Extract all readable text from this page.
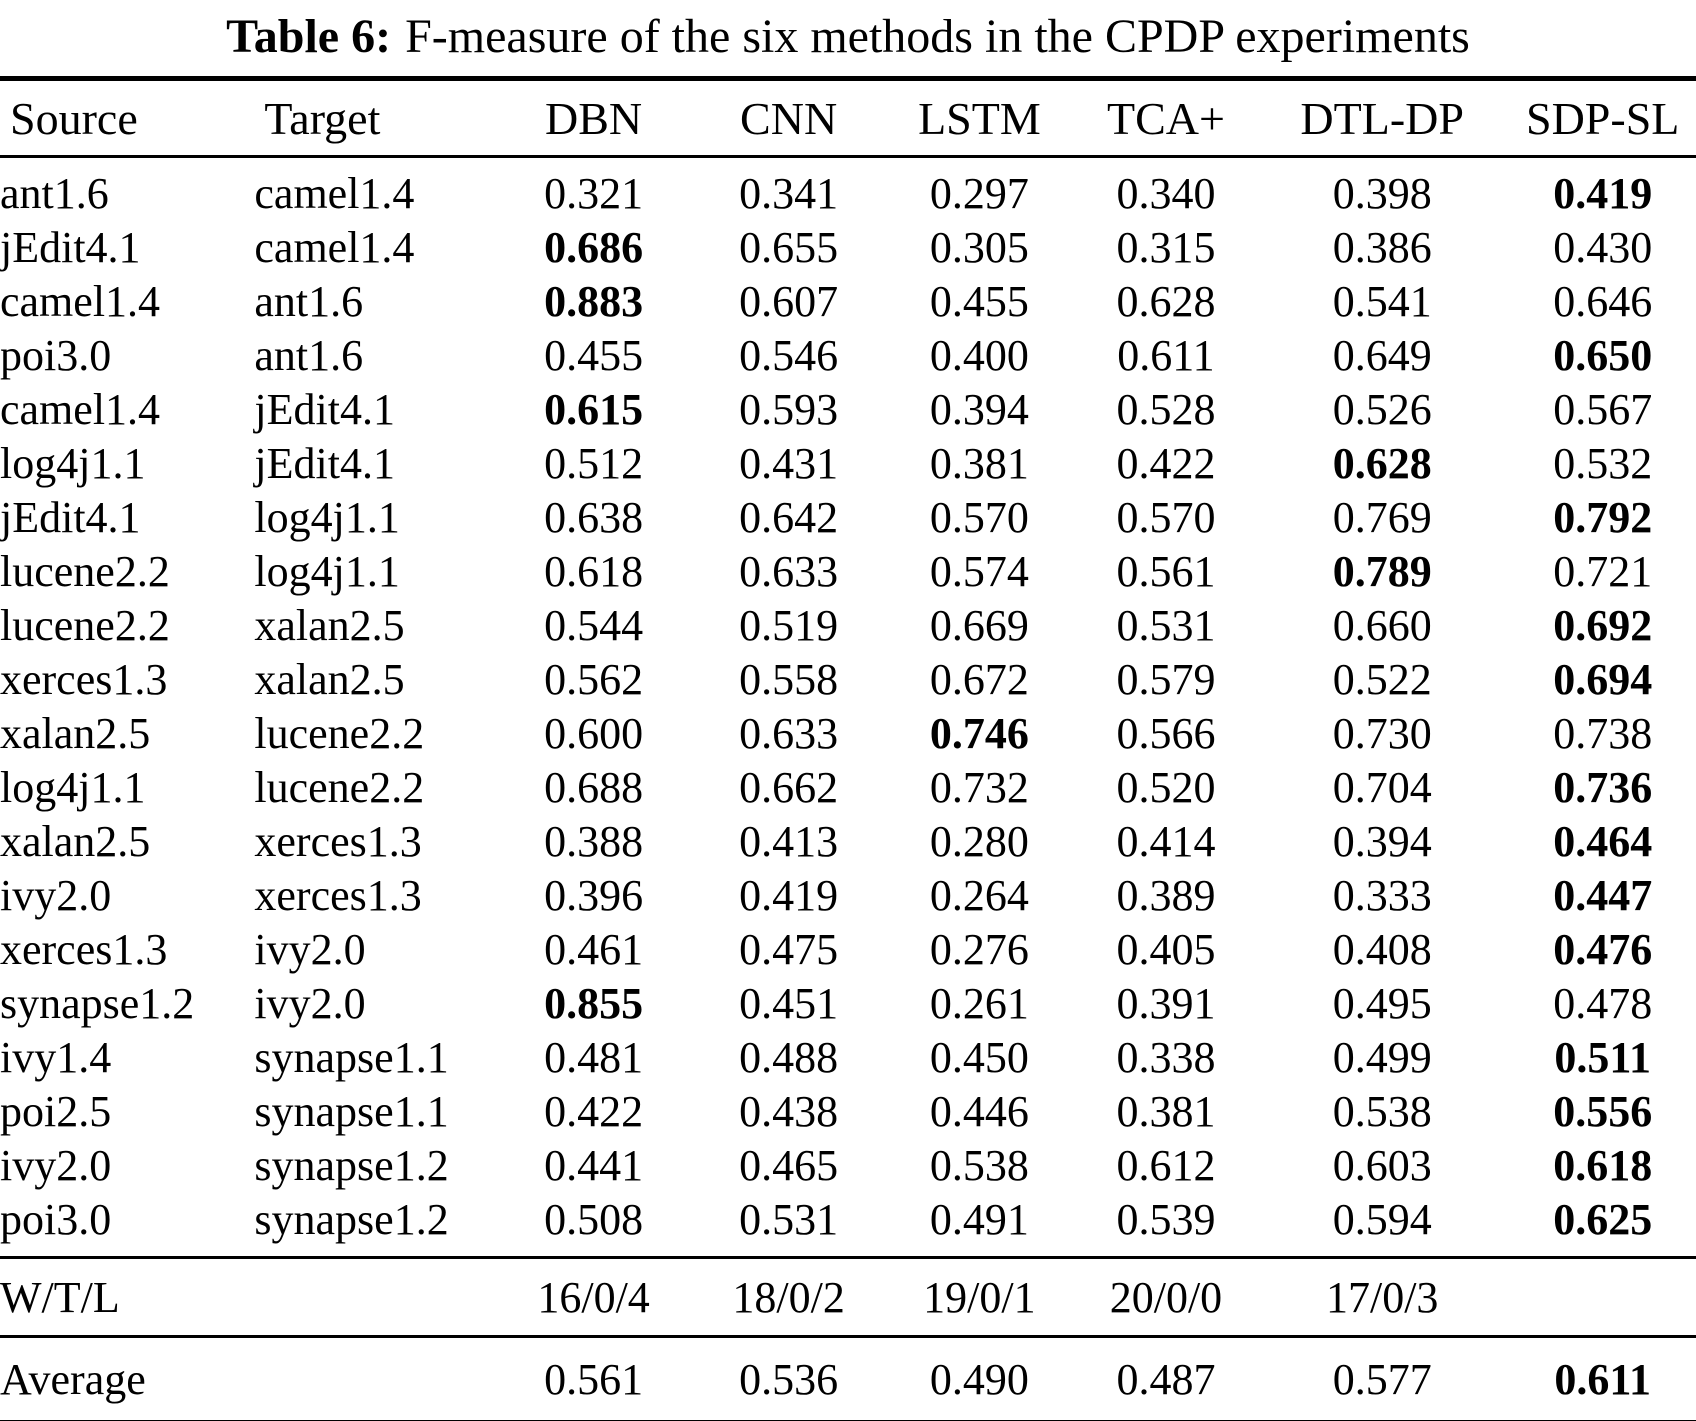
Table 6: F-measure of the six methods in the CPDP experiments
Source	Target	DBN	CNN	LSTM	TCA+	DTL-DP	SDP-SL
ant1.6	camel1.4	0.321	0.341	0.297	0.340	0.398	0.419
jEdit4.1	camel1.4	0.686	0.655	0.305	0.315	0.386	0.430
camel1.4	ant1.6	0.883	0.607	0.455	0.628	0.541	0.646
poi3.0	ant1.6	0.455	0.546	0.400	0.611	0.649	0.650
camel1.4	jEdit4.1	0.615	0.593	0.394	0.528	0.526	0.567
log4j1.1	jEdit4.1	0.512	0.431	0.381	0.422	0.628	0.532
jEdit4.1	log4j1.1	0.638	0.642	0.570	0.570	0.769	0.792
lucene2.2	log4j1.1	0.618	0.633	0.574	0.561	0.789	0.721
lucene2.2	xalan2.5	0.544	0.519	0.669	0.531	0.660	0.692
xerces1.3	xalan2.5	0.562	0.558	0.672	0.579	0.522	0.694
xalan2.5	lucene2.2	0.600	0.633	0.746	0.566	0.730	0.738
log4j1.1	lucene2.2	0.688	0.662	0.732	0.520	0.704	0.736
xalan2.5	xerces1.3	0.388	0.413	0.280	0.414	0.394	0.464
ivy2.0	xerces1.3	0.396	0.419	0.264	0.389	0.333	0.447
xerces1.3	ivy2.0	0.461	0.475	0.276	0.405	0.408	0.476
synapse1.2	ivy2.0	0.855	0.451	0.261	0.391	0.495	0.478
ivy1.4	synapse1.1	0.481	0.488	0.450	0.338	0.499	0.511
poi2.5	synapse1.1	0.422	0.438	0.446	0.381	0.538	0.556
ivy2.0	synapse1.2	0.441	0.465	0.538	0.612	0.603	0.618
poi3.0	synapse1.2	0.508	0.531	0.491	0.539	0.594	0.625
W/T/L		16/0/4	18/0/2	19/0/1	20/0/0	17/0/3	
Average		0.561	0.536	0.490	0.487	0.577	0.611
